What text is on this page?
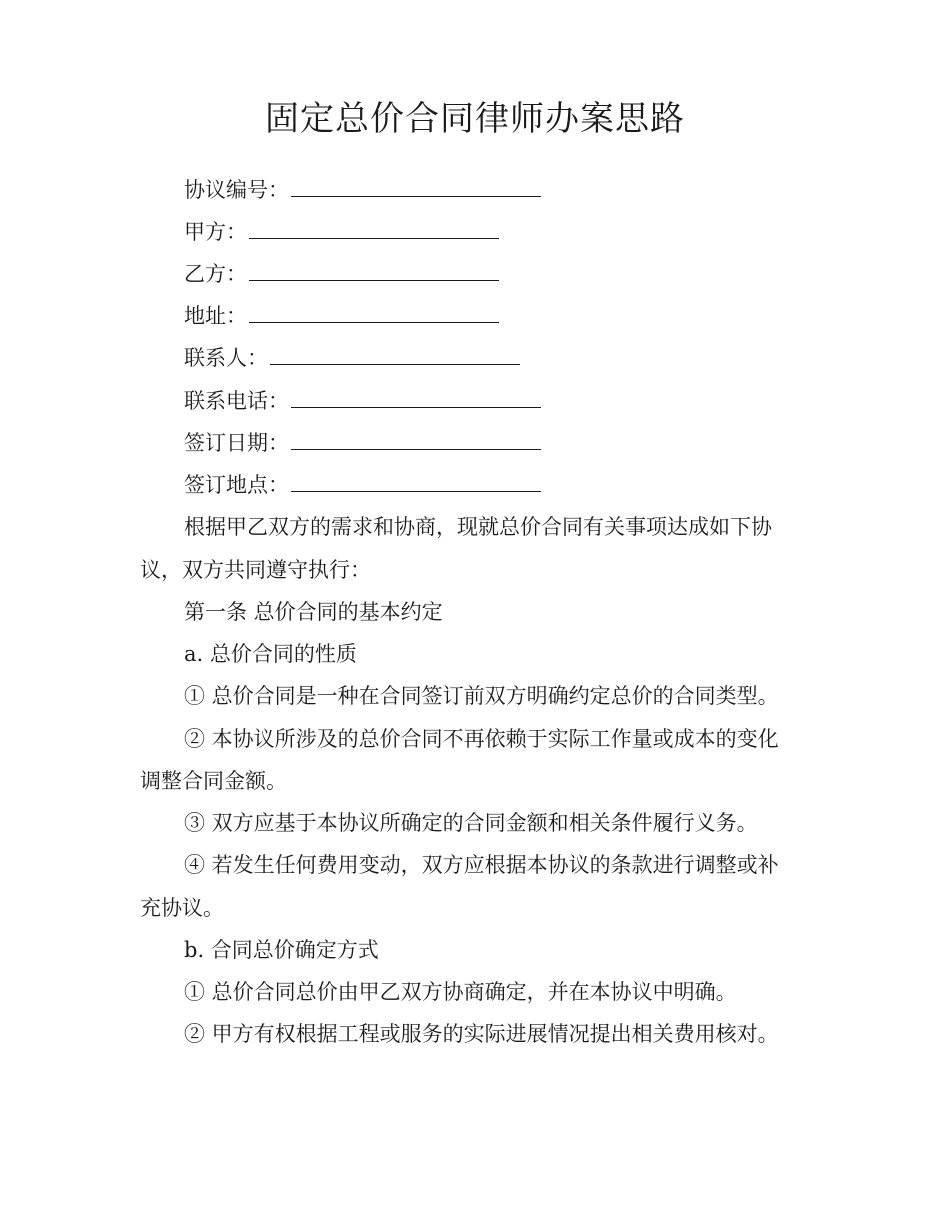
固定总价合同律师办案思路
协议编号：
甲方：
乙方：
地址：
联系人：
联系电话：
签订日期：
签订地点：
根据甲乙双方的需求和协商，现就总价合同有关事项达成如下协
议，双方共同遵守执行：
第一条 总价合同的基本约定
a. 总价合同的性质
① 总价合同是一种在合同签订前双方明确约定总价的合同类型。
② 本协议所涉及的总价合同不再依赖于实际工作量或成本的变化
调整合同金额。
③ 双方应基于本协议所确定的合同金额和相关条件履行义务。
④ 若发生任何费用变动，双方应根据本协议的条款进行调整或补
充协议。
b. 合同总价确定方式
① 总价合同总价由甲乙双方协商确定，并在本协议中明确。
② 甲方有权根据工程或服务的实际进展情况提出相关费用核对。
